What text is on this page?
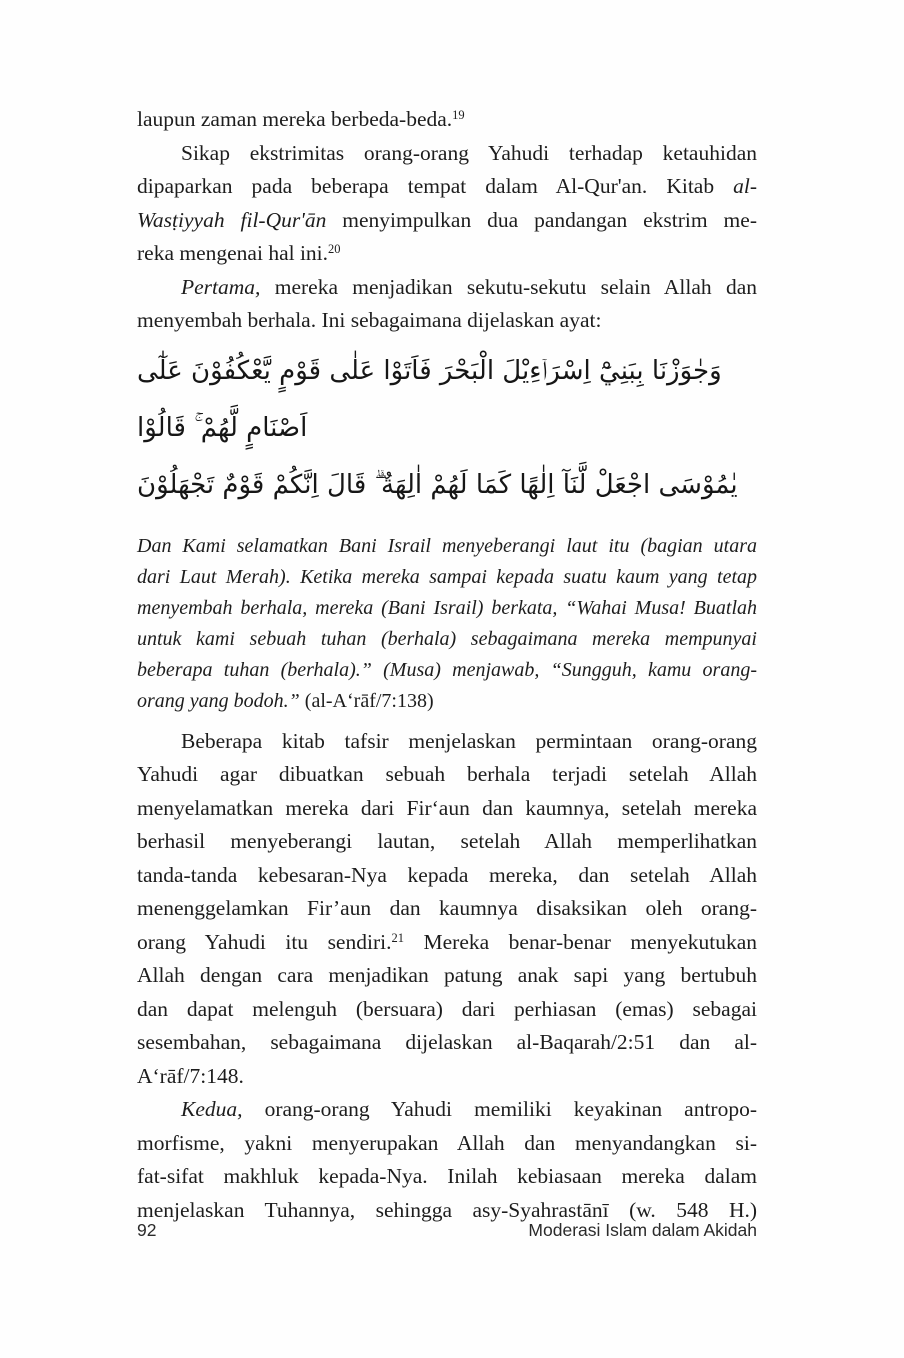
laupun zaman mereka berbeda-beda.$^{19}$
Sikap ekstrimitas orang-orang Yahudi terhadap ketauhidan
dipaparkan pada beberapa tempat dalam Al-Qur'an. Kitab al-
Wasṭiyyah fil-Qur'ān menyimpulkan dua pandangan ekstrim me-
reka mengenai hal ini.$^{20}$
Pertama, mereka menjadikan sekutu-sekutu selain Allah dan
menyembah berhala. Ini sebagaimana dijelaskan ayat:
وَجٰوَزْنَا بِبَنِيْٓ اِسْرَاۤءِيْلَ الْبَحْرَ فَاَتَوْا عَلٰى قَوْمٍ يَّعْكُفُوْنَ عَلٰٓى اَصْنَامٍ لَّهُمْ ۚ قَالُوْا
يٰمُوْسَى اجْعَلْ لَّنَآ اِلٰهًا كَمَا لَهُمْ اٰلِهَةٌ ۗ قَالَ اِنَّكُمْ قَوْمٌ تَجْهَلُوْنَ
Dan Kami selamatkan Bani Israil menyeberangi laut itu (bagian utara
dari Laut Merah). Ketika mereka sampai kepada suatu kaum yang tetap
menyembah berhala, mereka (Bani Israil) berkata, “Wahai Musa! Buatlah
untuk kami sebuah tuhan (berhala) sebagaimana mereka mempunyai
beberapa tuhan (berhala).” (Musa) menjawab, “Sungguh, kamu orang-
orang yang bodoh.” (al-A‘rāf/7:138)
Beberapa kitab tafsir menjelaskan permintaan orang-orang
Yahudi agar dibuatkan sebuah berhala terjadi setelah Allah
menyelamatkan mereka dari Fir‘aun dan kaumnya, setelah mereka
berhasil menyeberangi lautan, setelah Allah memperlihatkan
tanda-tanda kebesaran-Nya kepada mereka, dan setelah Allah
menenggelamkan Fir’aun dan kaumnya disaksikan oleh orang-
orang Yahudi itu sendiri.$^{21}$ Mereka benar-benar menyekutukan
Allah dengan cara menjadikan patung anak sapi yang bertubuh
dan dapat melenguh (bersuara) dari perhiasan (emas) sebagai
sesembahan, sebagaimana dijelaskan al-Baqarah/2:51 dan al-
A‘rāf/7:148.
Kedua, orang-orang Yahudi memiliki keyakinan antropo-
morfisme, yakni menyerupakan Allah dan menyandangkan si-
fat-sifat makhluk kepada-Nya. Inilah kebiasaan mereka dalam
menjelaskan Tuhannya, sehingga asy-Syahrastānī (w. 548 H.)
92	Moderasi Islam dalam Akidah
